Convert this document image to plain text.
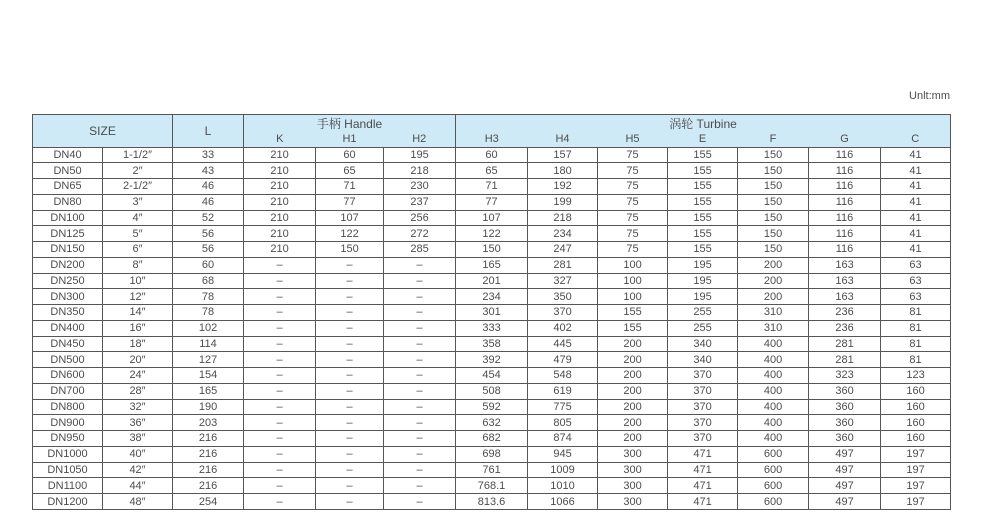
Unlt:mm
SIZE		L	手柄 Handle			涡轮 Turbine						
			K	H1	H2	H3	H4	H5	E	F	G	C
DN40	1-1/2″	33	210	60	195	60	157	75	155	150	116	41
DN50	2″	43	210	65	218	65	180	75	155	150	116	41
DN65	2-1/2″	46	210	71	230	71	192	75	155	150	116	41
DN80	3″	46	210	77	237	77	199	75	155	150	116	41
DN100	4″	52	210	107	256	107	218	75	155	150	116	41
DN125	5″	56	210	122	272	122	234	75	155	150	116	41
DN150	6″	56	210	150	285	150	247	75	155	150	116	41
DN200	8″	60	–	–	–	165	281	100	195	200	163	63
DN250	10″	68	–	–	–	201	327	100	195	200	163	63
DN300	12″	78	–	–	–	234	350	100	195	200	163	63
DN350	14″	78	–	–	–	301	370	155	255	310	236	81
DN400	16″	102	–	–	–	333	402	155	255	310	236	81
DN450	18″	114	–	–	–	358	445	200	340	400	281	81
DN500	20″	127	–	–	–	392	479	200	340	400	281	81
DN600	24″	154	–	–	–	454	548	200	370	400	323	123
DN700	28″	165	–	–	–	508	619	200	370	400	360	160
DN800	32″	190	–	–	–	592	775	200	370	400	360	160
DN900	36″	203	–	–	–	632	805	200	370	400	360	160
DN950	38″	216	–	–	–	682	874	200	370	400	360	160
DN1000	40″	216	–	–	–	698	945	300	471	600	497	197
DN1050	42″	216	–	–	–	761	1009	300	471	600	497	197
DN1100	44″	216	–	–	–	768.1	1010	300	471	600	497	197
DN1200	48″	254	–	–	–	813.6	1066	300	471	600	497	197
